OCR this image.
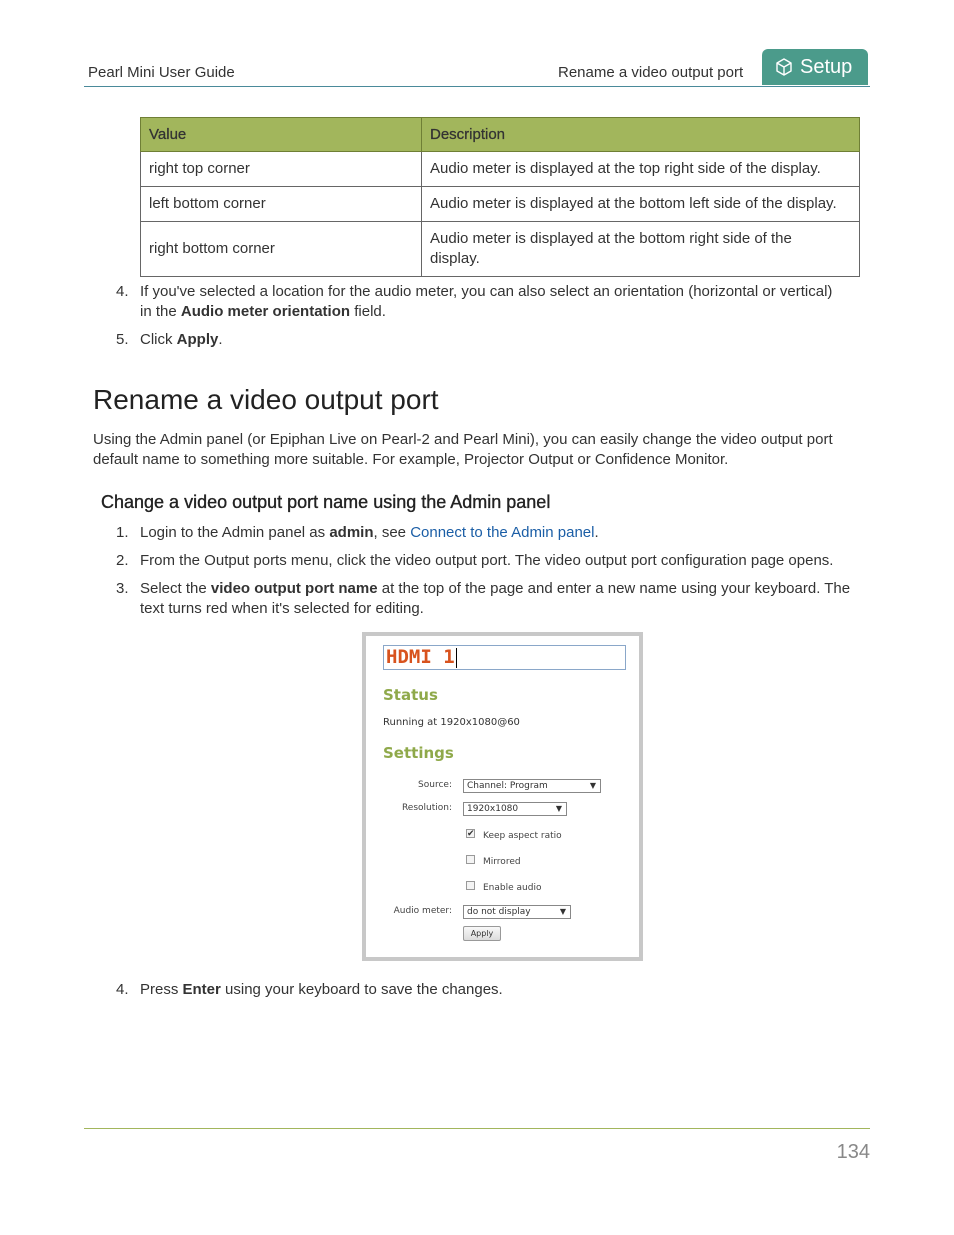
Pearl Mini User Guide	Rename a video output port	Setup
Value	Description
right top corner	Audio meter is displayed at the top right side of the display.
left bottom corner	Audio meter is displayed at the bottom left side of the display.
right bottom corner	Audio meter is displayed at the bottom right side of the display.
4. If you've selected a location for the audio meter, you can also select an orientation (horizontal or vertical)
in the Audio meter orientation field.
5. Click Apply.
Rename a video output port

Using the Admin panel (or Epiphan Live on Pearl-2 and Pearl Mini), you can easily change the video output port default name to something more suitable. For example, Projector Output or Confidence Monitor.

Change a video output port name using the Admin panel
1. Login to the Admin panel as admin, see Connect to the Admin panel.
2. From the Output ports menu, click the video output port. The video output port configuration page opens.
3. Select the video output port name at the top of the page and enter a new name using your keyboard. The
text turns red when it's selected for editing.
HDMI 1
Status
Running at 1920x1080@60
Settings
Source:	Channel: Program	▼
Resolution:	1920x1080	▼
✔ Keep aspect ratio
Mirrored
Enable audio
Audio meter:	do not display	▼
Apply
4. Press Enter using your keyboard to save the changes.
134
